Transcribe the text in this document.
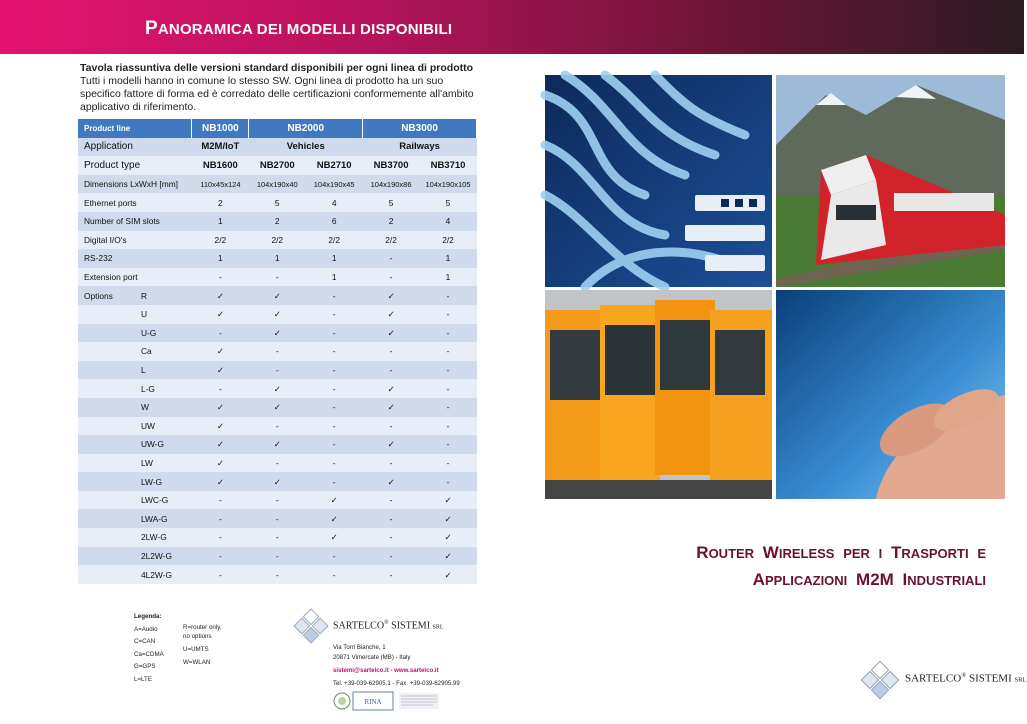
PANORAMICA DEI MODELLI DISPONIBILI
Tavola riassuntiva delle versioni standard disponibili per ogni linea di prodotto
Tutti i modelli hanno in comune lo stesso SW. Ogni linea di prodotto ha un suo specifico fattore di forma ed è corredato delle certificazioni conformemente all'ambito applicativo di riferimento.
Product line		NB1000	NB2000		NB3000	
Application		M2M/IoT	Vehicles		Railways	
Product type		NB1600	NB2700	NB2710	NB3700	NB3710
Dimensions LxWxH [mm]		110x45x124	104x190x40	104x190x45	104x190x86	104x190x105
Ethernet ports		2	5	4	5	5
Number of SIM slots		1	2	6	2	4
Digital I/O's		2/2	2/2	2/2	2/2	2/2
RS-232		1	1	1	-	1
Extension port		-	-	1	-	1
Options	R	✓	✓	-	✓	-
	U	✓	✓	-	✓	-
	U-G	-	✓	-	✓	-
	Ca	✓	-	-	-	-
	L	✓	-	-	-	-
	L-G	-	✓	-	✓	-
	W	✓	✓	-	✓	-
	UW	✓	-	-	-	-
	UW-G	✓	✓	-	✓	-
	LW	✓	-	-	-	-
	LW-G	✓	✓	-	✓	-
	LWC-G	-	-	✓	-	✓
	LWA-G	-	-	✓	-	✓
	2LW-G	-	-	✓	-	✓
	2L2W-G	-	-	-	-	✓
	4L2W-G	-	-	-	-	✓
Legenda:
A=Audio
C=CAN
Ca=CDMA
G=GPS
L=LTE
R=router only,
no options
U=UMTS
W=WLAN
SARTELCO® SISTEMI SRL
Via Torri Bianche, 1
20871 Vimercate (MB) - Italy
sistemi@sartelco.it - www.sartelco.it
Tel. +39-039-62905.1 - Fax. +39-039-62905.99
RINA
ROUTER WIRELESS PER I TRASPORTI E
APPLICAZIONI M2M INDUSTRIALI
SARTELCO® SISTEMI SRL
